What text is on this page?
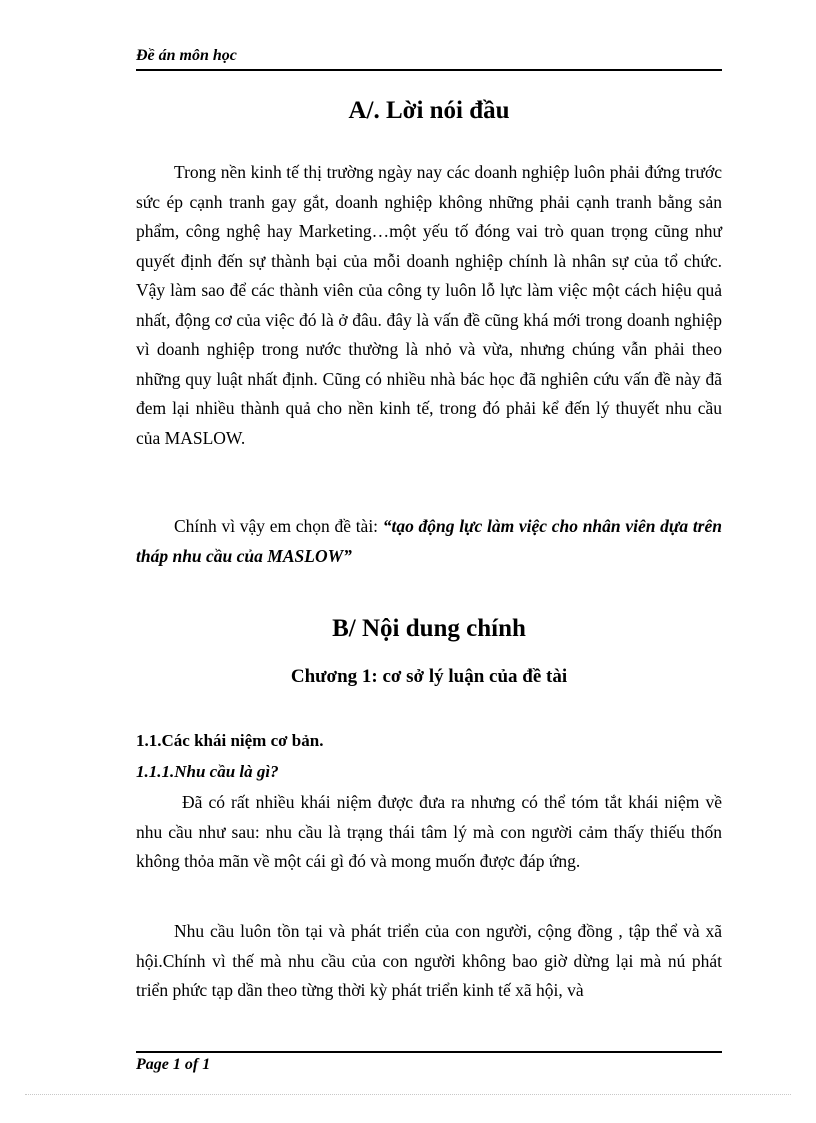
Đề án môn học
A/. Lời nói đầu

Trong nền kinh tế thị trường ngày nay các doanh nghiệp luôn phải đứng trước sức ép cạnh tranh gay gắt, doanh nghiệp không những phải cạnh tranh bằng sản phẩm, công nghệ hay Marketing…một yếu tố đóng vai trò quan trọng cũng như quyết định đến sự thành bại của mỗi doanh nghiệp chính là nhân sự của tổ chức. Vậy làm sao để các thành viên của công ty luôn lỗ lực làm việc một cách hiệu quả nhất, động cơ của việc đó là ở đâu. đây là vấn đề cũng khá mới trong doanh nghiệp vì doanh nghiệp trong nước thường là nhỏ và vừa, nhưng chúng vẫn phải theo những quy luật nhất định. Cũng có nhiều nhà bác học đã nghiên cứu vấn đề này đã đem lại nhiều thành quả cho nền kinh tế, trong đó phải kể đến lý thuyết nhu cầu của MASLOW.

Chính vì vậy em chọn đề tài: “tạo động lực làm việc cho nhân viên dựa trên tháp nhu cầu của MASLOW”

B/ Nội dung chính
Chương 1: cơ sở lý luận của đề tài
1.1.Các khái niệm cơ bản.
1.1.1.Nhu cầu là gì?

Đã có rất nhiều khái niệm được đưa ra nhưng có thể tóm tắt khái niệm về nhu cầu như sau: nhu cầu là trạng thái tâm lý mà con người cảm thấy thiếu thốn không thỏa mãn về một cái gì đó và mong muốn được đáp ứng.

Nhu cầu luôn tồn tại và phát triển của con người, cộng đồng , tập thể và xã hội.Chính vì thế mà nhu cầu của con người không bao giờ dừng lại mà nú phát triển phức tạp dần theo từng thời kỳ phát triển kinh tế xã hội, và

Page 1 of 1
